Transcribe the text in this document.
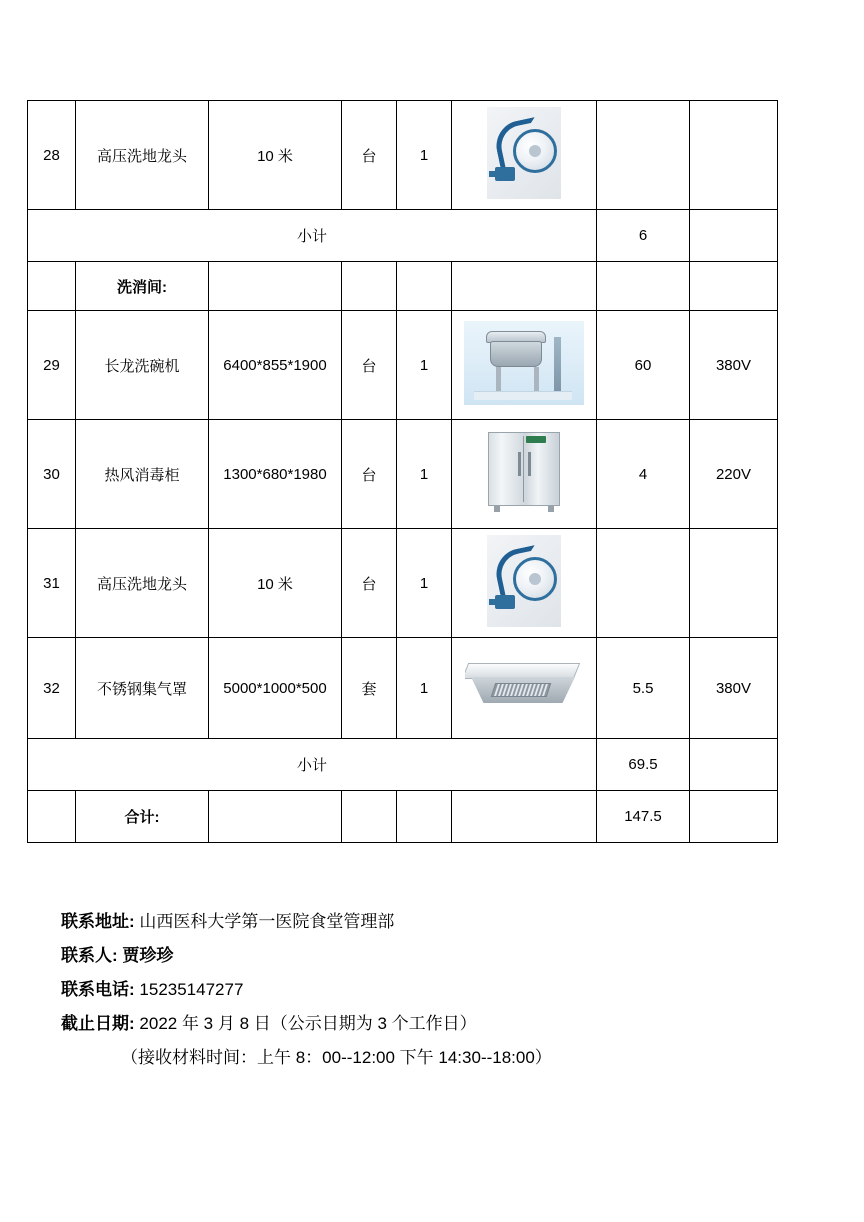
28	高压洗地龙头	10 米	台	1	

小计						6	
	洗消间:						
29	长龙洗碗机	6400*855*1900	台	1		60	380V
30	热风消毒柜	1300*680*1980	台	1		4	220V
31	高压洗地龙头	10 米	台	1	

32	不锈钢集气罩	5000*1000*500	套	1		5.5	380V
小计						69.5	
	合计:					147.5	
联系地址: 山西医科大学第一医院食堂管理部
联系人: 贾珍珍
联系电话: 15235147277
截止日期: 2022 年 3 月 8 日（公示日期为 3 个工作日）
（接收材料时间：上午 8：00--12:00 下午 14:30--18:00）
